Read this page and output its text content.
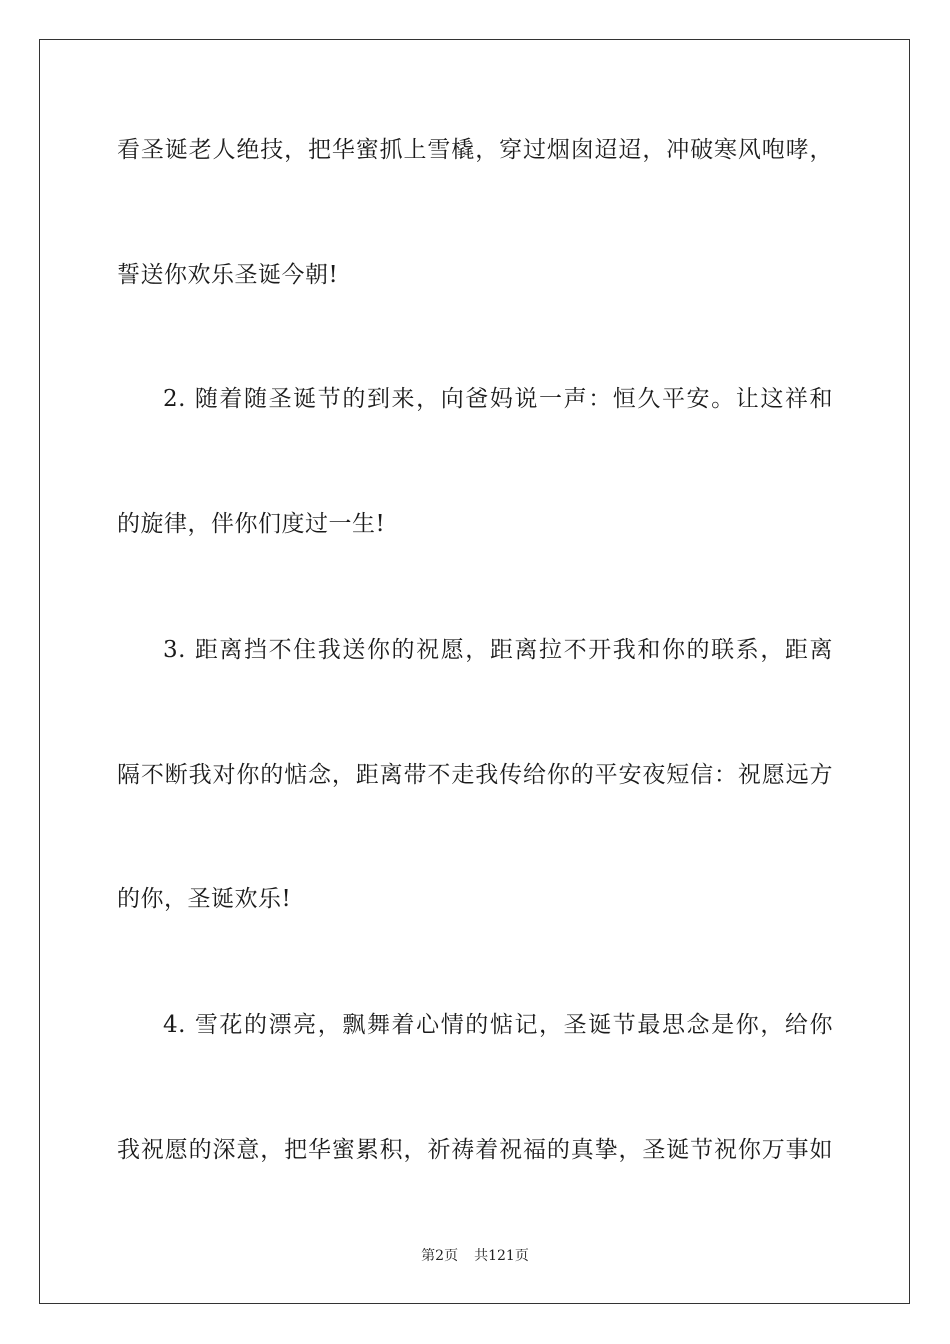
看圣诞老人绝技，把华蜜抓上雪橇，穿过烟囱迢迢，冲破寒风咆哮，
誓送你欢乐圣诞今朝!
2. 随着随圣诞节的到来，向爸妈说一声：恒久平安。让这祥和
的旋律，伴你们度过一生!
3. 距离挡不住我送你的祝愿，距离拉不开我和你的联系，距离
隔不断我对你的惦念，距离带不走我传给你的平安夜短信：祝愿远方
的你，圣诞欢乐!
4. 雪花的漂亮，飘舞着心情的惦记，圣诞节最思念是你，给你
我祝愿的深意，把华蜜累积，祈祷着祝福的真挚，圣诞节祝你万事如
第2页 共121页
